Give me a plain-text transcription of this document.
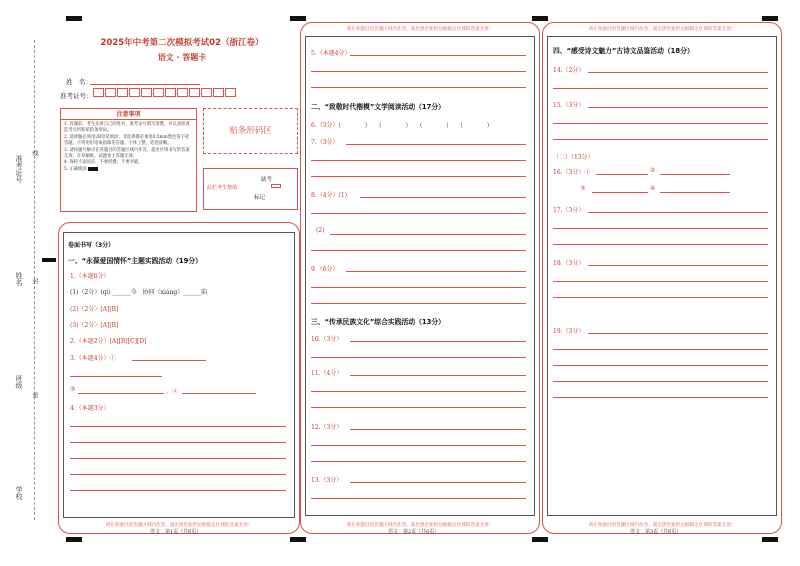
准考证号
线
姓名 封
班级
密
学校
2025年中考第二次模拟考试02（浙江卷）
语文 · 答题卡
姓　名：
准考证号：
注意事项
1. 答题前，考生先将自己的姓名，准考证号填写清楚，并认真检查监考员所粘贴的条形码。
2. 选择题必须用2B铅笔填涂；非选择题必须用0.5mm黑色签字笔答题，不得用铅笔或圆珠笔答题；字体工整、笔迹清晰。
3. 请按题号顺序在各题目的答题区域内作答，超出区域书写的答案无效；在草稿纸、试题卷上答题无效。
4. 保持卡面清洁，不要折叠、不要弄破。
5. 正确填涂
贴条形码区
此栏考生禁填
缺考
标记
请在各题目的答题区域内作答，超出黑色矩形边框限定区域的答案无效！
卷面书写（3分）
一、“永葆爱国情怀”主题实践活动（19分）
1.（本题6分）
(1)（2分）(qí) ______今　协同（xiáng）______陷
(2)（2分）[A][B]
(3)（2分）[A][B]
2.（本题2分）[A][B][C][D]
3.（本题4分）①
③	，④
4.（本题3分）
语文　第1页（共6页）
请在各题目的答题区域内作答，超出黑色矩形边框限定区域的答案无效！
请在各题目的答题区域内作答，超出黑色矩形边框限定区域的答案无效！
5.（本题4分）
二、“致敬时代楷模”文学阅读活动（17分）
6.（3分）(　　　　)　　(　　　　)　　(　　　　)　　(　　　　)
7.（3分）
8.（4分）(1)
(2)
9.（6分）
三、“传承民族文化”综合实践活动（13分）
10.（3分）
11.（4分）
12.（3分）
13.（3分）
语文　第2页（共6页）
请在各题目的答题区域内作答，超出黑色矩形边框限定区域的答案无效！
请在各题目的答题区域内作答，超出黑色矩形边框限定区域的答案无效！
四、“感受诗文魅力”古诗文品鉴活动（18分）
14.（2分）
15.（3分）
（二）（13分）
16.（3分）①	②
③	④
17.（3分）
18.（3分）
19.（3分）
语文　第3页（共6页）
